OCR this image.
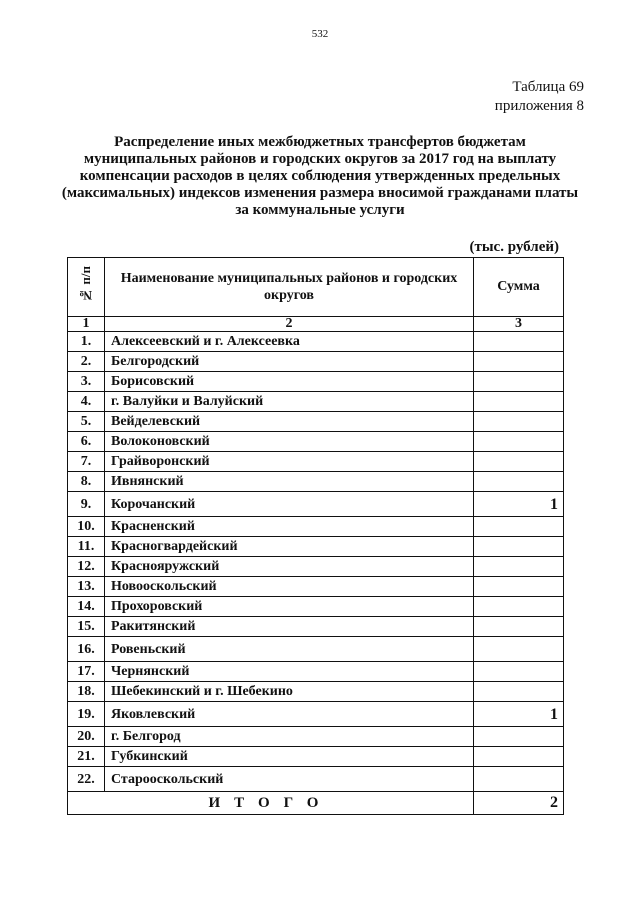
532
Таблица 69
приложения 8
Распределение иных межбюджетных трансфертов бюджетам муниципальных районов и городских округов за 2017 год на выплату компенсации расходов в целях соблюдения утвержденных предельных (максимальных) индексов изменения размера вносимой гражданами платы за коммунальные услуги
(тыс. рублей)
№ п/п	Наименование муниципальных районов и городских округов	Сумма
1	2	3
1.	Алексеевский и г. Алексеевка	
2.	Белгородский	
3.	Борисовский	
4.	г. Валуйки и Валуйский	
5.	Вейделевский	
6.	Волоконовский	
7.	Грайворонский	
8.	Ивнянский	
9.	Корочанский	1
10.	Красненский	
11.	Красногвардейский	
12.	Краснояружский	
13.	Новооскольский	
14.	Прохоровский	
15.	Ракитянский	
16.	Ровеньский	
17.	Чернянский	
18.	Шебекинский и г. Шебекино	
19.	Яковлевский	1
20.	г. Белгород	
21.	Губкинский	
22.	Старооскольский	
ИТОГО		2
